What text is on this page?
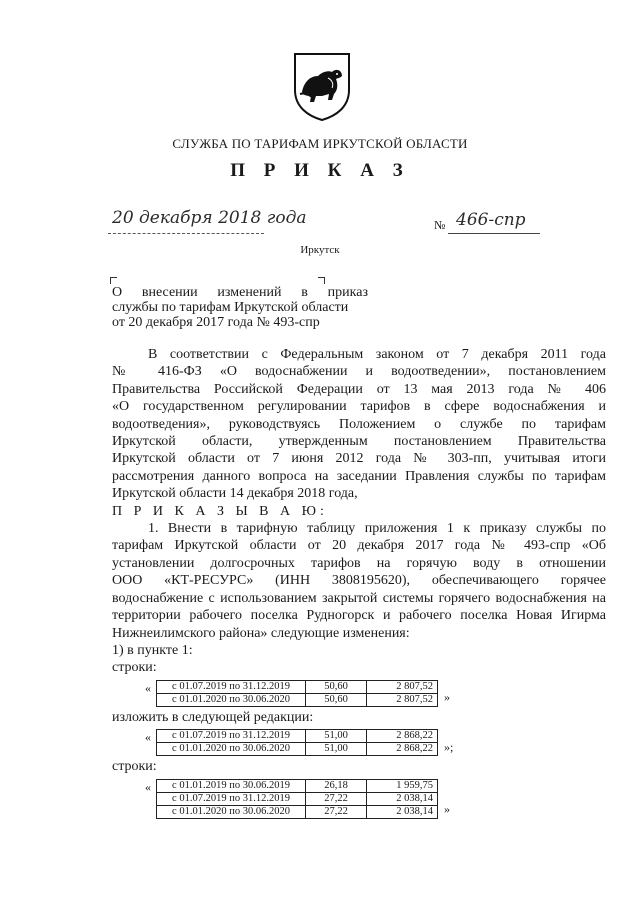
СЛУЖБА ПО ТАРИФАМ ИРКУТСКОЙ ОБЛАСТИ
П Р И К А З
20 декабря 2018 года	№ 466-спр
Иркутск
О внесении изменений в приказ
службы по тарифам Иркутской области
от 20 декабря 2017 года № 493-спр

В соответствии с Федеральным законом от 7 декабря 2011 года

№ 416-ФЗ «О водоснабжении и водоотведении», постановлением

Правительства Российской Федерации от 13 мая 2013 года № 406

«О государственном регулировании тарифов в сфере водоснабжения и

водоотведения», руководствуясь Положением о службе по тарифам

Иркутской области, утвержденным постановлением Правительства

Иркутской области от 7 июня 2012 года № 303-пп, учитывая итоги

рассмотрения данного вопроса на заседании Правления службы по тарифам

Иркутской области 14 декабря 2018 года,

П Р И К А З Ы В А Ю:

1. Внести в тарифную таблицу приложения 1 к приказу службы по

тарифам Иркутской области от 20 декабря 2017 года № 493-спр «Об

установлении долгосрочных тарифов на горячую воду в отношении

ООО «КТ-РЕСУРС» (ИНН 3808195620), обеспечивающего горячее

водоснабжение с использованием закрытой системы горячего водоснабжения на

территории рабочего поселка Рудногорск и рабочего поселка Новая Игирма

Нижнеилимского района» следующие изменения:

1) в пункте 1:

строки:

« с 01.07.2019 по 31.12.2019	50,60	2 807,52
с 01.01.2020 по 30.06.2020	50,60	2 807,52 »

изложить в следующей редакции:

« с 01.07.2019 по 31.12.2019	51,00	2 868,22
с 01.01.2020 по 30.06.2020	51,00	2 868,22 »;

строки:

« с 01.01.2019 по 30.06.2019	26,18	1 959,75
с 01.07.2019 по 31.12.2019	27,22	2 038,14
с 01.01.2020 по 30.06.2020	27,22	2 038,14 »
